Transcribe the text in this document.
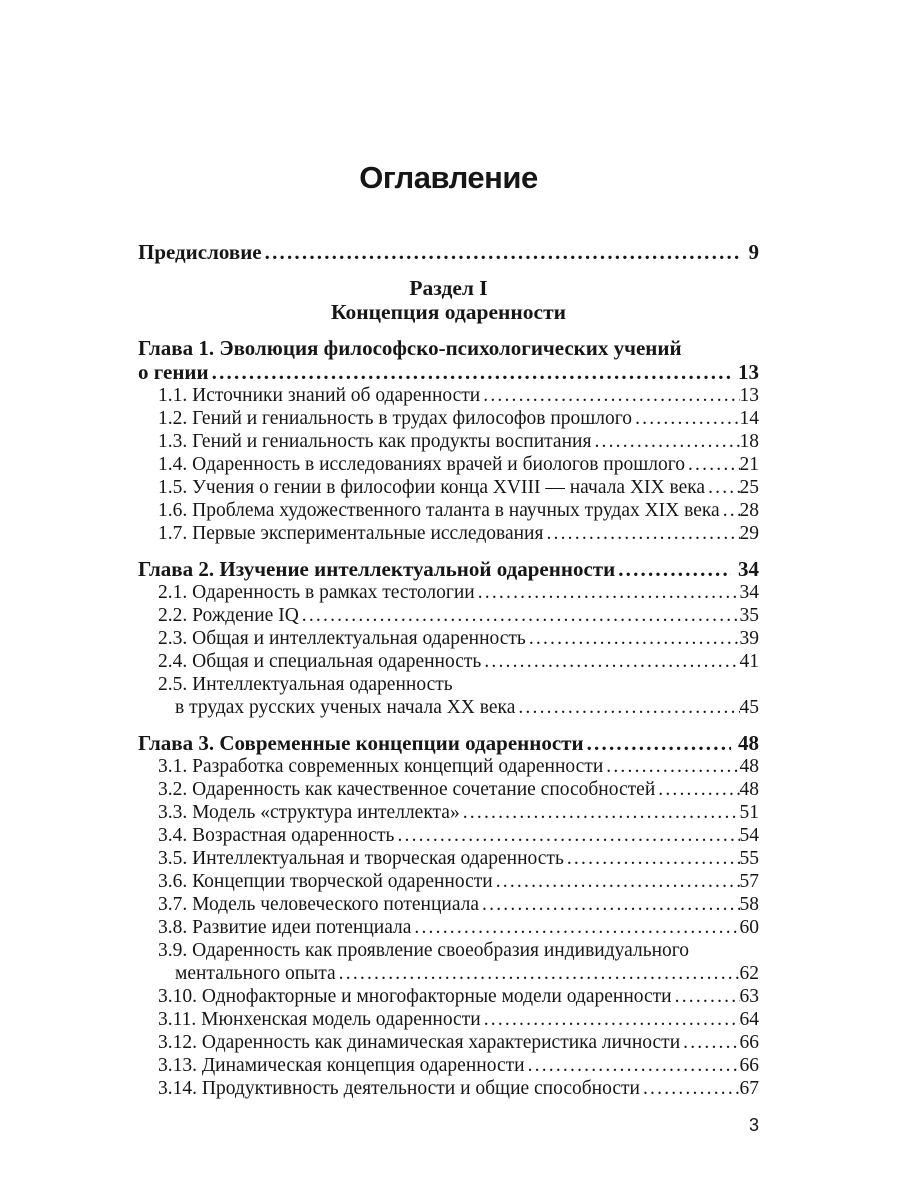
Оглавление
Предисловие .....	9
Раздел I
Концепция одаренности
Глава 1. Эволюция философско-психологических учений
о гении .....	13
1.1. Источники знаний об одаренности .....	13
1.2. Гений и гениальность в трудах философов прошлого .....	14
1.3. Гений и гениальность как продукты воспитания .....	18
1.4. Одаренность в исследованиях врачей и биологов прошлого .....	21
1.5. Учения о гении в философии конца XVIII — начала XIX века ..... 25
1.6. Проблема художественного таланта в научных трудах XIX века ..... 28
1.7. Первые экспериментальные исследования .....	29
Глава 2. Изучение интеллектуальной одаренности .....	34
2.1. Одаренность в рамках тестологии .....	34
2.2. Рождение IQ .....	35
2.3. Общая и интеллектуальная одаренность .....	39
2.4. Общая и специальная одаренность .....	41
2.5. Интеллектуальная одаренность
в трудах русских ученых начала XX века .....	45
Глава 3. Современные концепции одаренности .....	48
3.1. Разработка современных концепций одаренности .....	48
3.2. Одаренность как качественное сочетание способностей .....	48
3.3. Модель «структура интеллекта» .....	51
3.4. Возрастная одаренность .....	54
3.5. Интеллектуальная и творческая одаренность .....	55
3.6. Концепции творческой одаренности .....	57
3.7. Модель человеческого потенциала .....	58
3.8. Развитие идеи потенциала .....	60
3.9. Одаренность как проявление своеобразия индивидуального
ментального опыта .....	62
3.10. Однофакторные и многофакторные модели одаренности .....	63
3.11. Мюнхенская модель одаренности .....	64
3.12. Одаренность как динамическая характеристика личности .....	66
3.13. Динамическая концепция одаренности .....	66
3.14. Продуктивность деятельности и общие способности .....	67
3
